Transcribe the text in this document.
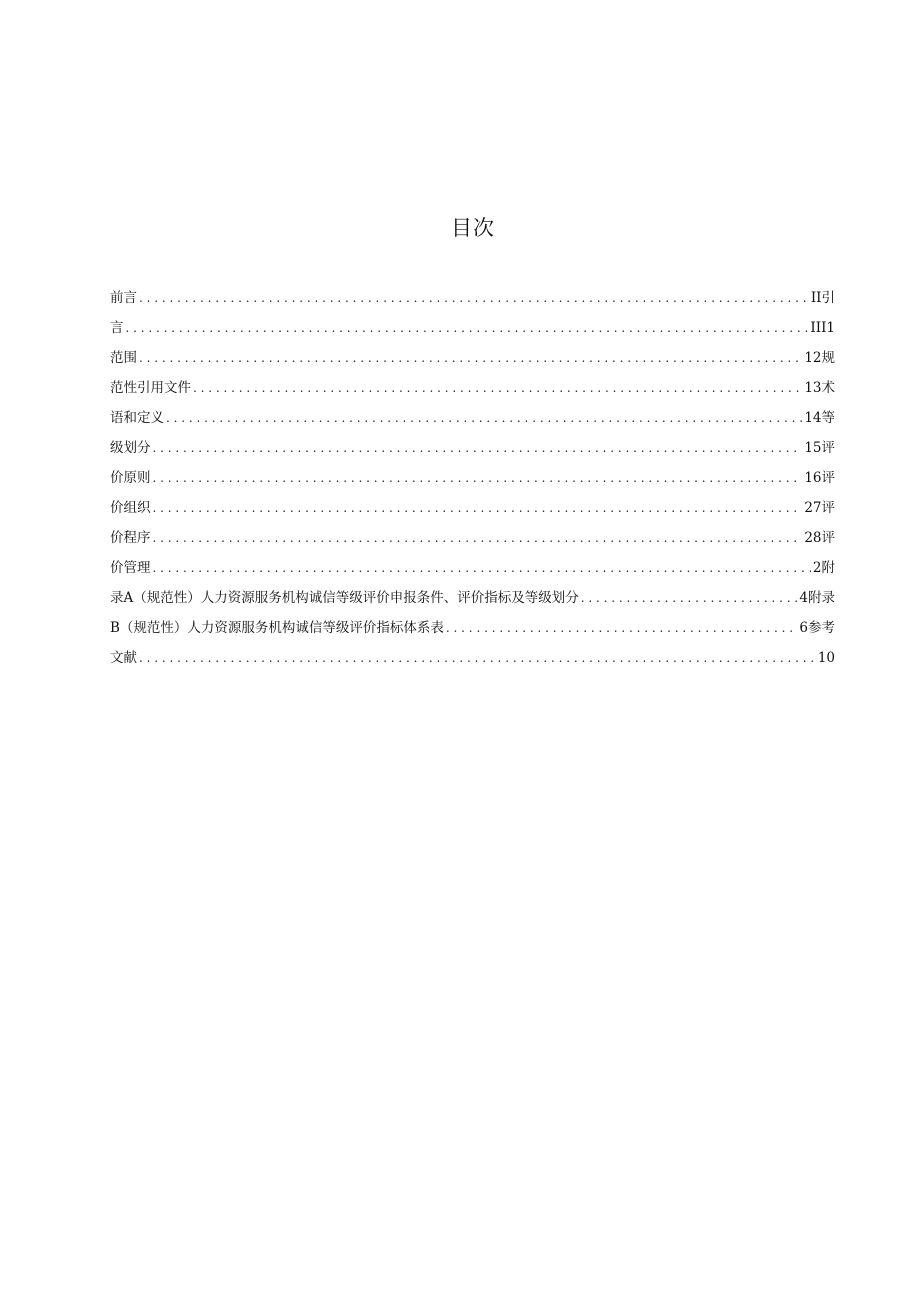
目次
前言 . . .	II引
言 . . .	III1
范围 . . .	12规
范性引用文件 . . .	13术
语和定义 . . .	14等
级划分 . . .	15评
价原则 . . .	16评
价组织 . . .	27评
价程序 . . .	28评
价管理 . . .	2附
录A（规范性）人力资源服务机构诚信等级评价申报条件、评价指标及等级划分 . . .	4附录
B（规范性）人力资源服务机构诚信等级评价指标体系表 . . .	6参考
文献 . . .	10
